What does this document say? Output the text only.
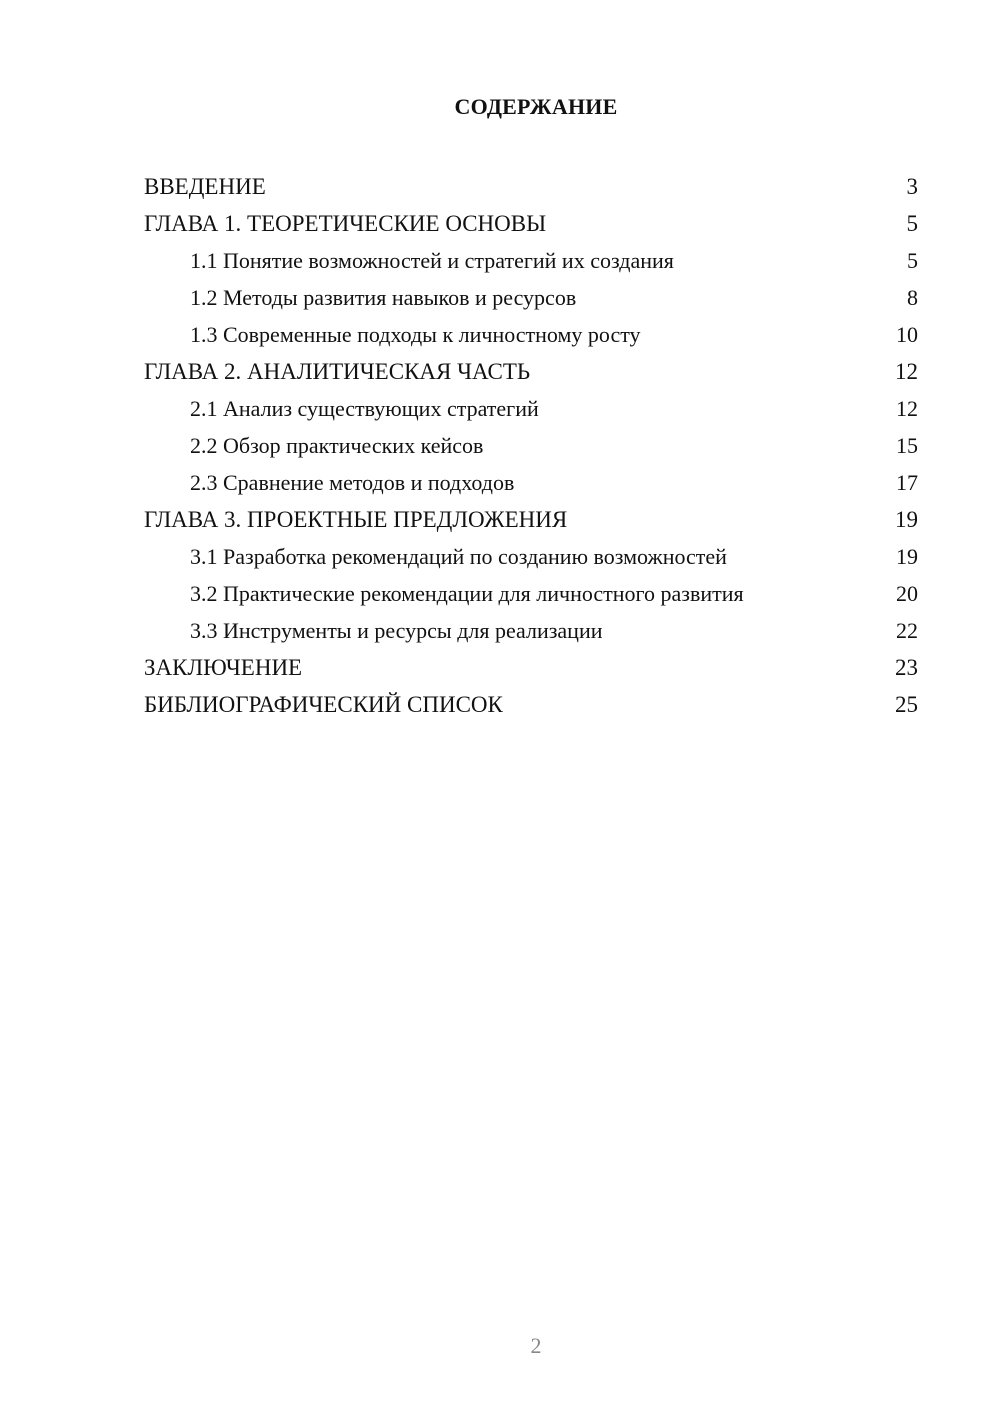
СОДЕРЖАНИЕ
ВВЕДЕНИЕ	3
ГЛАВА 1. ТЕОРЕТИЧЕСКИЕ ОСНОВЫ	5
1.1 Понятие возможностей и стратегий их создания	5
1.2 Методы развития навыков и ресурсов	8
1.3 Современные подходы к личностному росту	10
ГЛАВА 2. АНАЛИТИЧЕСКАЯ ЧАСТЬ	12
2.1 Анализ существующих стратегий	12
2.2 Обзор практических кейсов	15
2.3 Сравнение методов и подходов	17
ГЛАВА 3. ПРОЕКТНЫЕ ПРЕДЛОЖЕНИЯ	19
3.1 Разработка рекомендаций по созданию возможностей	19
3.2 Практические рекомендации для личностного развития	20
3.3 Инструменты и ресурсы для реализации	22
ЗАКЛЮЧЕНИЕ	23
БИБЛИОГРАФИЧЕСКИЙ СПИСОК	25
2
